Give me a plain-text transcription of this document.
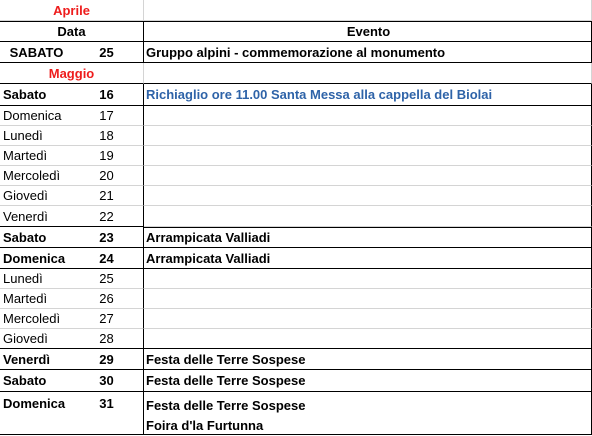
Aprile
Data	Evento
SABATO	25	Gruppo alpini - commemorazione al monumento
Maggio
Sabato	16	Richiaglio ore 11.00 Santa Messa alla cappella del Biolai
Domenica	17
Lunedì	18
Martedì	19
Mercoledì	20
Giovedì	21
Venerdì	22
Sabato	23	Arrampicata Valliadi
Domenica	24	Arrampicata Valliadi
Lunedì	25
Martedì	26
Mercoledì	27
Giovedì	28
Venerdì	29	Festa delle Terre Sospese
Sabato	30	Festa delle Terre Sospese
Domenica	31	Festa delle Terre Sospese
Foira d'la Furtunna
